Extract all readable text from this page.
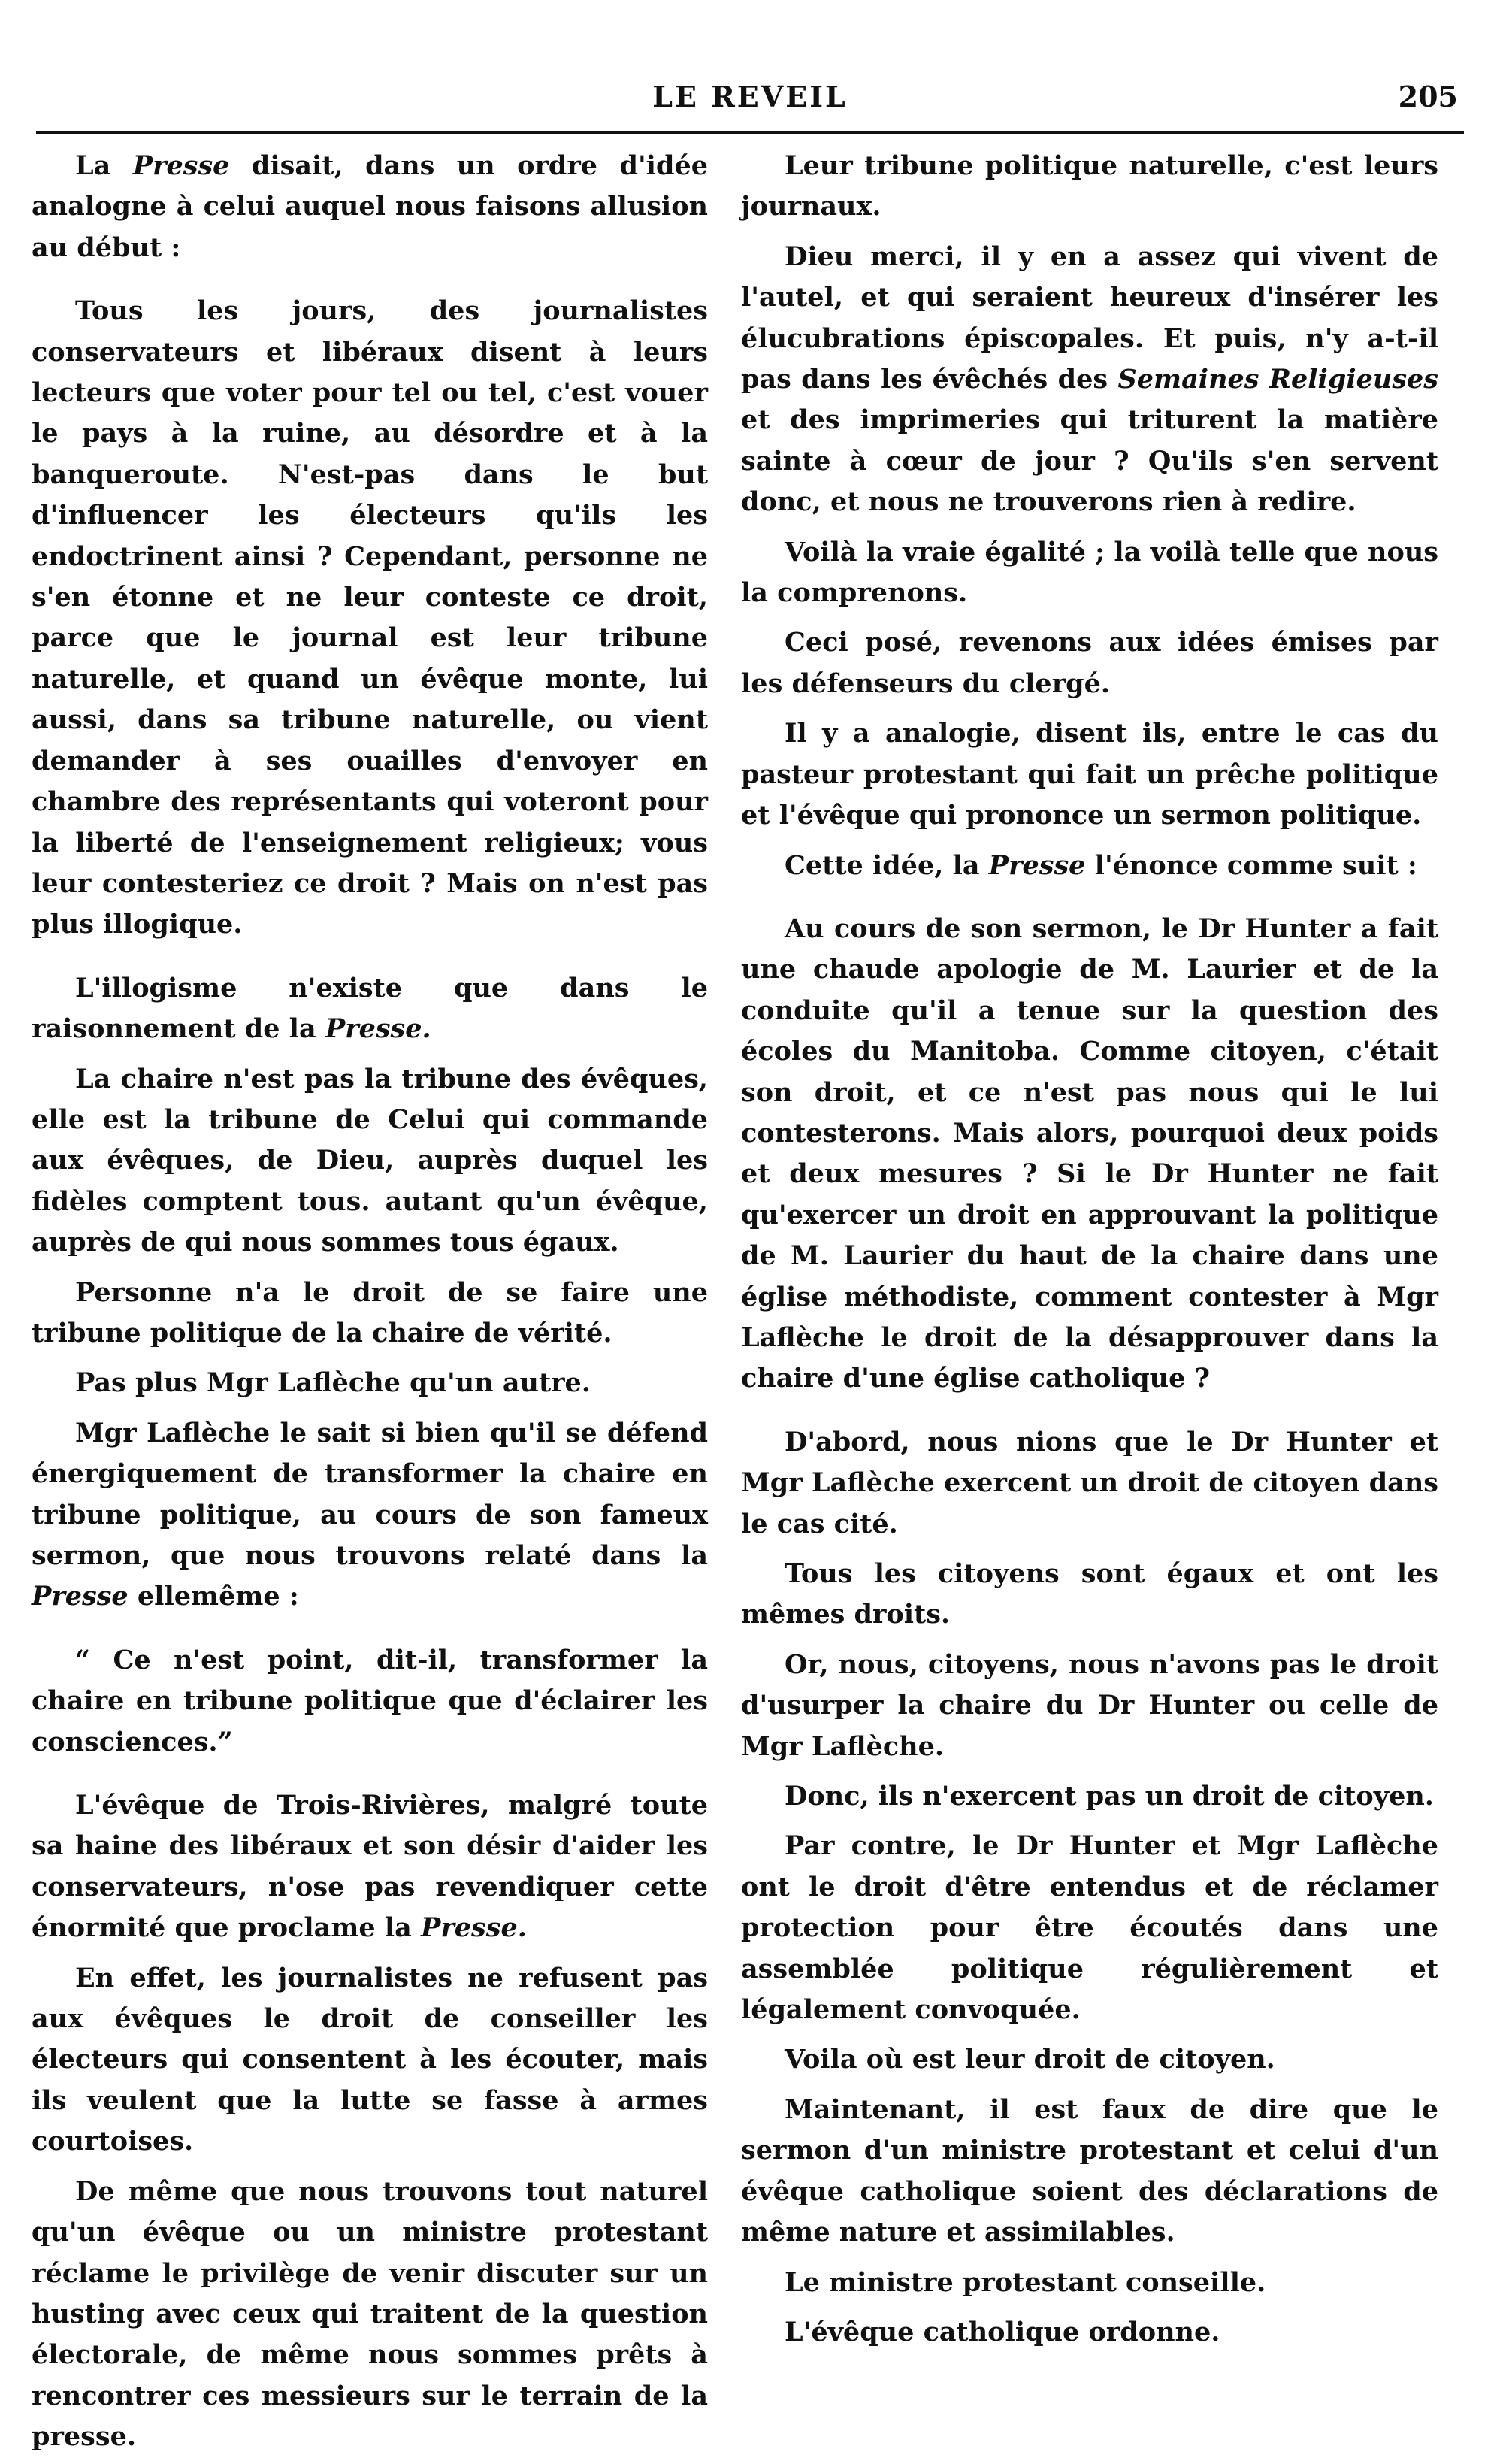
LE REVEIL	205

La Presse disait, dans un ordre d'idée analogne à celui auquel nous faisons allusion au début :

Tous les jours, des journalistes conservateurs et libéraux disent à leurs lecteurs que voter pour tel ou tel, c'est vouer le pays à la ruine, au désordre et à la banqueroute. N'est-pas dans le but d'influencer les électeurs qu'ils les endoctrinent ainsi ? Cependant, personne ne s'en étonne et ne leur conteste ce droit, parce que le journal est leur tribune naturelle, et quand un évêque monte, lui aussi, dans sa tribune naturelle, ou vient demander à ses ouailles d'envoyer en chambre des représentants qui voteront pour la liberté de l'enseignement religieux; vous leur contesteriez ce droit ? Mais on n'est pas plus illogique.

L'illogisme n'existe que dans le raisonnement de la Presse.

La chaire n'est pas la tribune des évêques, elle est la tribune de Celui qui commande aux évêques, de Dieu, auprès duquel les fidèles comptent tous. autant qu'un évêque, auprès de qui nous sommes tous égaux.

Personne n'a le droit de se faire une tribune politique de la chaire de vérité.

Pas plus Mgr Laflèche qu'un autre.

Mgr Laflèche le sait si bien qu'il se défend énergiquement de transformer la chaire en tribune politique, au cours de son fameux sermon, que nous trouvons relaté dans la Presse ellemême :

“ Ce n'est point, dit-il, transformer la chaire en tribune politique que d'éclairer les consciences.”

L'évêque de Trois-Rivières, malgré toute sa haine des libéraux et son désir d'aider les conservateurs, n'ose pas revendiquer cette énormité que proclame la Presse.

En effet, les journalistes ne refusent pas aux évêques le droit de conseiller les électeurs qui consentent à les écouter, mais ils veulent que la lutte se fasse à armes courtoises.

De même que nous trouvons tout naturel qu'un évêque ou un ministre protestant réclame le privilège de venir discuter sur un husting avec ceux qui traitent de la question électorale, de même nous sommes prêts à rencontrer ces messieurs sur le terrain de la presse.

Leur tribune politique naturelle, c'est leurs journaux.

Dieu merci, il y en a assez qui vivent de l'autel, et qui seraient heureux d'insérer les élucubrations épiscopales. Et puis, n'y a-t-il pas dans les évêchés des Semaines Religieuses et des imprimeries qui triturent la matière sainte à cœur de jour ? Qu'ils s'en servent donc, et nous ne trouverons rien à redire.

Voilà la vraie égalité ; la voilà telle que nous la comprenons.

Ceci posé, revenons aux idées émises par les défenseurs du clergé.

Il y a analogie, disent ils, entre le cas du pasteur protestant qui fait un prêche politique et l'évêque qui prononce un sermon politique.

Cette idée, la Presse l'énonce comme suit :

Au cours de son sermon, le Dr Hunter a fait une chaude apologie de M. Laurier et de la conduite qu'il a tenue sur la question des écoles du Manitoba. Comme citoyen, c'était son droit, et ce n'est pas nous qui le lui contesterons. Mais alors, pourquoi deux poids et deux mesures ? Si le Dr Hunter ne fait qu'exercer un droit en approuvant la politique de M. Laurier du haut de la chaire dans une église méthodiste, comment contester à Mgr Laflèche le droit de la désapprouver dans la chaire d'une église catholique ?

D'abord, nous nions que le Dr Hunter et Mgr Laflèche exercent un droit de citoyen dans le cas cité.

Tous les citoyens sont égaux et ont les mêmes droits.

Or, nous, citoyens, nous n'avons pas le droit d'usurper la chaire du Dr Hunter ou celle de Mgr Laflèche.

Donc, ils n'exercent pas un droit de citoyen.

Par contre, le Dr Hunter et Mgr Laflèche ont le droit d'être entendus et de réclamer protection pour être écoutés dans une assemblée politique régulièrement et légalement convoquée.

Voila où est leur droit de citoyen.

Maintenant, il est faux de dire que le sermon d'un ministre protestant et celui d'un évêque catholique soient des déclarations de même nature et assimilables.

Le ministre protestant conseille.

L'évêque catholique ordonne.
